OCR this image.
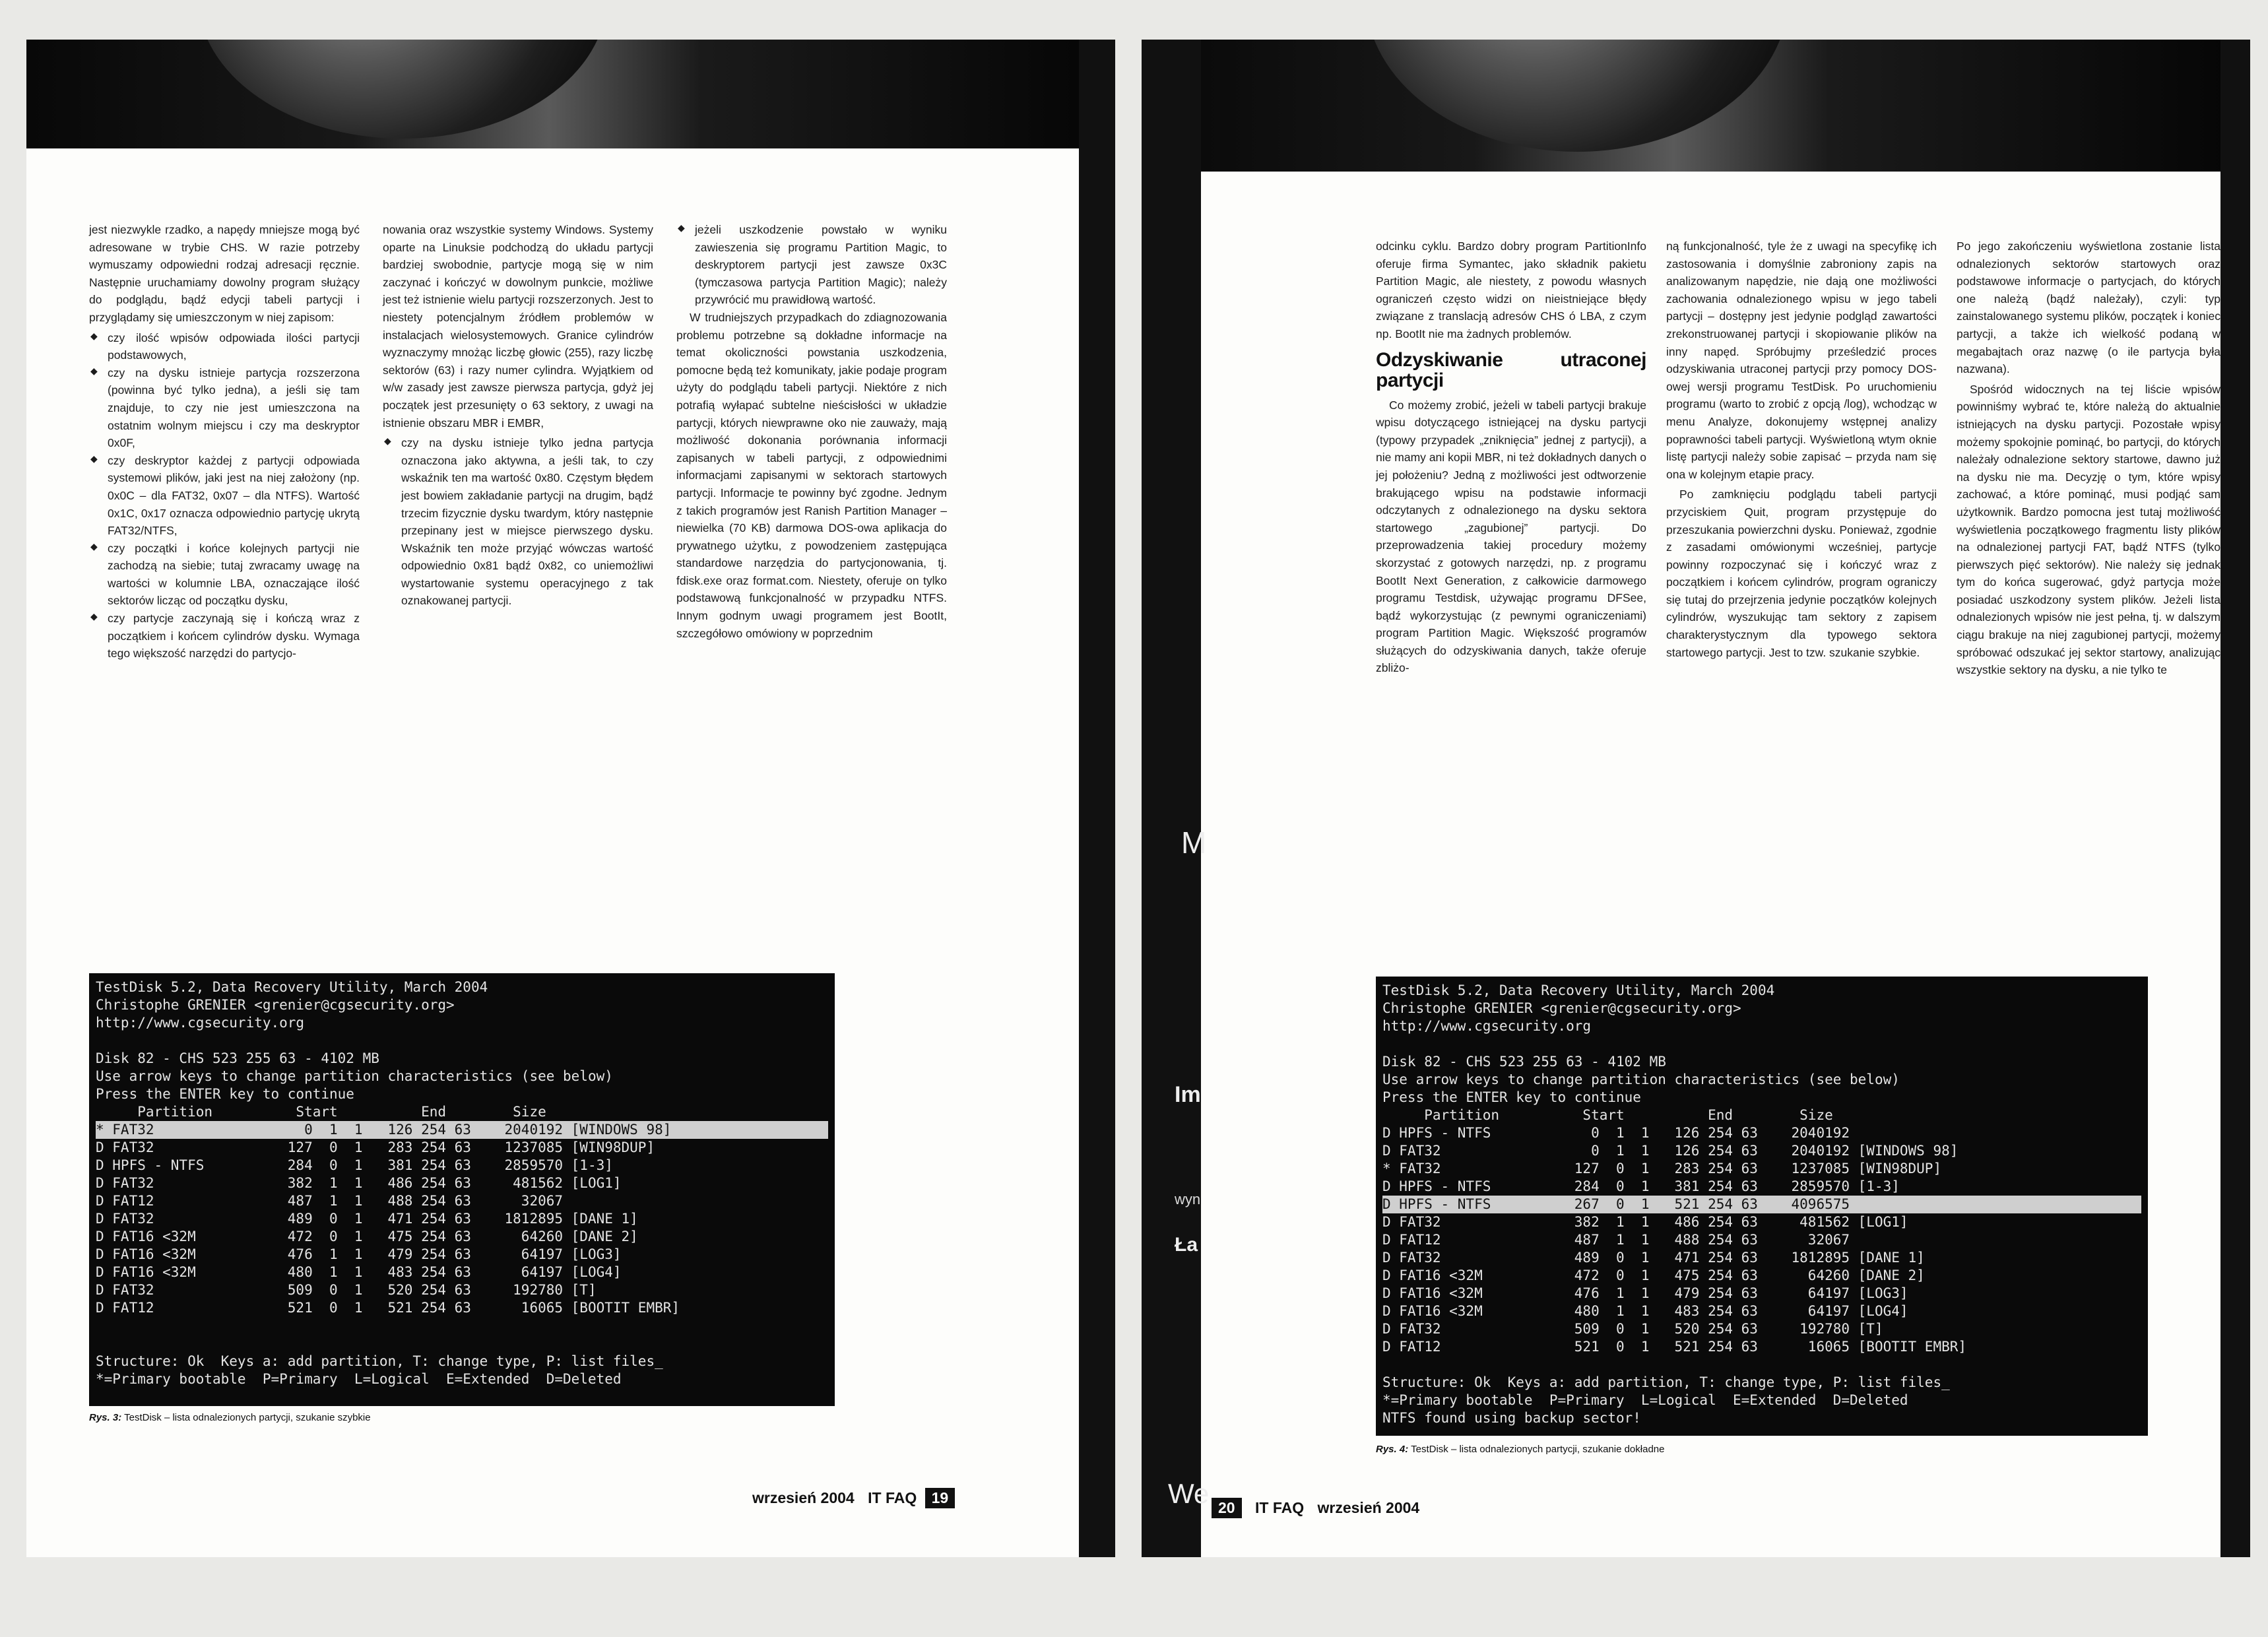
jest niezwykle rzadko, a napędy mniejsze mogą być adresowane w trybie CHS. W razie potrzeby wymuszamy odpowiedni rodzaj adresacji ręcznie. Następnie uruchamiamy dowolny program służący do podglądu, bądź edycji tabeli partycji i przyglądamy się umieszczonym w niej zapisom:

◆ czy ilość wpisów odpowiada ilości partycji podstawowych,
◆ czy na dysku istnieje partycja rozszerzona (powinna być tylko jedna), a jeśli się tam znajduje, to czy nie jest umieszczona na ostatnim wolnym miejscu i czy ma deskryptor 0x0F,
◆ czy deskryptor każdej z partycji odpowiada systemowi plików, jaki jest na niej założony (np. 0x0C – dla FAT32, 0x07 – dla NTFS). Wartość 0x1C, 0x17 oznacza odpowiednio partycję ukrytą FAT32/NTFS,
◆ czy początki i końce kolejnych partycji nie zachodzą na siebie; tutaj zwracamy uwagę na wartości w kolumnie LBA, oznaczające ilość sektorów licząc od początku dysku,
◆ czy partycje zaczynają się i kończą wraz z początkiem i końcem cylindrów dysku. Wymaga tego większość narzędzi do partycjo-

nowania oraz wszystkie systemy Windows. Systemy oparte na Linuksie podchodzą do układu partycji bardziej swobodnie, partycje mogą się w nim zaczynać i kończyć w dowolnym punkcie, możliwe jest też istnienie wielu partycji rozszerzonych. Jest to niestety potencjalnym źródłem problemów w instalacjach wielosystemowych. Granice cylindrów wyznaczymy mnożąc liczbę głowic (255), razy liczbę sektorów (63) i razy numer cylindra. Wyjątkiem od w/w zasady jest zawsze pierwsza partycja, gdyż jej początek jest przesunięty o 63 sektory, z uwagi na istnienie obszaru MBR i EMBR,

◆ czy na dysku istnieje tylko jedna partycja oznaczona jako aktywna, a jeśli tak, to czy wskaźnik ten ma wartość 0x80. Częstym błędem jest bowiem zakładanie partycji na drugim, bądź trzecim fizycznie dysku twardym, który następnie przepinany jest w miejsce pierwszego dysku. Wskaźnik ten może przyjąć wówczas wartość odpowiednio 0x81 bądź 0x82, co uniemożliwi wystartowanie systemu operacyjnego z tak oznakowanej partycji.
◆ jeżeli uszkodzenie powstało w wyniku zawieszenia się programu Partition Magic, to deskryptorem partycji jest zawsze 0x3C (tymczasowa partycja Partition Magic); należy przywrócić mu prawidłową wartość.

W trudniejszych przypadkach do zdiagnozowania problemu potrzebne są dokładne informacje na temat okoliczności powstania uszkodzenia, pomocne będą też komunikaty, jakie podaje program użyty do podglądu tabeli partycji. Niektóre z nich potrafią wyłapać subtelne nieścisłości w układzie partycji, których niewprawne oko nie zauważy, mają możliwość dokonania porównania informacji zapisanych w tabeli partycji, z odpowiednimi informacjami zapisanymi w sektorach startowych partycji. Informacje te powinny być zgodne. Jednym z takich programów jest Ranish Partition Manager – niewielka (70 KB) darmowa DOS-owa aplikacja do prywatnego użytku, z powodzeniem zastępująca standardowe narzędzia do partycjonowania, tj. fdisk.exe oraz format.com. Niestety, oferuje on tylko podstawową funkcjonalność w przypadku NTFS. Innym godnym uwagi programem jest BootIt, szczegółowo omówiony w poprzednim

TestDisk 5.2, Data Recovery Utility, March 2004
Christophe GRENIER <grenier@cgsecurity.org>
http://www.cgsecurity.org
Disk 82 - CHS 523 255 63 - 4102 MB
Use arrow keys to change partition characteristics (see below)
Press the ENTER key to continue
Partition          Start          End        Size
* FAT32                  0  1  1   126 254 63    2040192 [WINDOWS 98]
D FAT32                127  0  1   283 254 63    1237085 [WIN98DUP]
D HPFS - NTFS          284  0  1   381 254 63    2859570 [1-3]
D FAT32                382  1  1   486 254 63     481562 [LOG1]
D FAT12                487  1  1   488 254 63      32067
D FAT32                489  0  1   471 254 63    1812895 [DANE 1]
D FAT16 <32M           472  0  1   475 254 63      64260 [DANE 2]
D FAT16 <32M           476  1  1   479 254 63      64197 [LOG3]
D FAT16 <32M           480  1  1   483 254 63      64197 [LOG4]
D FAT32                509  0  1   520 254 63     192780 [T]
D FAT12                521  0  1   521 254 63      16065 [BOOTIT EMBR]
Structure: Ok  Keys a: add partition, T: change type, P: list files_
*=Primary bootable  P=Primary  L=Logical  E=Extended  D=Deleted
Rys. 3: TestDisk – lista odnalezionych partycji, szukanie szybkie
wrzesień 2004 IT FAQ 19
M
Im
wyn
Ła
We

odcinku cyklu. Bardzo dobry program PartitionInfo oferuje firma Symantec, jako składnik pakietu Partition Magic, ale niestety, z powodu własnych ograniczeń często widzi on nieistniejące błędy związane z translacją adresów CHS ó LBA, z czym np. BootIt nie ma żadnych problemów.

Odzyskiwanie utraconej partycji

Co możemy zrobić, jeżeli w tabeli partycji brakuje wpisu dotyczącego istniejącej na dysku partycji (typowy przypadek „zniknięcia” jednej z partycji), a nie mamy ani kopii MBR, ni też dokładnych danych o jej położeniu? Jedną z możliwości jest odtworzenie brakującego wpisu na podstawie informacji odczytanych z odnalezionego na dysku sektora startowego „zagubionej” partycji. Do przeprowadzenia takiej procedury możemy skorzystać z gotowych narzędzi, np. z programu BootIt Next Generation, z całkowicie darmowego programu Testdisk, używając programu DFSee, bądź wykorzystując (z pewnymi ograniczeniami) program Partition Magic. Większość programów służących do odzyskiwania danych, także oferuje zbliżo-

ną funkcjonalność, tyle że z uwagi na specyfikę ich zastosowania i domyślnie zabroniony zapis na analizowanym napędzie, nie dają one możliwości zachowania odnalezionego wpisu w jego tabeli partycji – dostępny jest jedynie podgląd zawartości zrekonstruowanej partycji i skopiowanie plików na inny napęd. Spróbujmy prześledzić proces odzyskiwania utraconej partycji przy pomocy DOS-owej wersji programu TestDisk. Po uruchomieniu programu (warto to zrobić z opcją /log), wchodząc w menu Analyze, dokonujemy wstępnej analizy poprawności tabeli partycji. Wyświetloną wtym oknie listę partycji należy sobie zapisać – przyda nam się ona w kolejnym etapie pracy.

Po zamknięciu podglądu tabeli partycji przyciskiem Quit, program przystępuje do przeszukania powierzchni dysku. Ponieważ, zgodnie z zasadami omówionymi wcześniej, partycje powinny rozpoczynać się i kończyć wraz z początkiem i końcem cylindrów, program ograniczy się tutaj do przejrzenia jedynie początków kolejnych cylindrów, wyszukując tam sektory z zapisem charakterystycznym dla typowego sektora startowego partycji. Jest to tzw. szukanie szybkie.

Po jego zakończeniu wyświetlona zostanie lista odnalezionych sektorów startowych oraz podstawowe informacje o partycjach, do których one należą (bądź należały), czyli: typ zainstalowanego systemu plików, początek i koniec partycji, a także ich wielkość podaną w megabajtach oraz nazwę (o ile partycja była nazwana).

Spośród widocznych na tej liście wpisów powinniśmy wybrać te, które należą do aktualnie istniejących na dysku partycji. Pozostałe wpisy możemy spokojnie pominąć, bo partycji, do których należały odnalezione sektory startowe, dawno już na dysku nie ma. Decyzję o tym, które wpisy zachować, a które pominąć, musi podjąć sam użytkownik. Bardzo pomocna jest tutaj możliwość wyświetlenia początkowego fragmentu listy plików na odnalezionej partycji FAT, bądź NTFS (tylko pierwszych pięć sektorów). Nie należy się jednak tym do końca sugerować, gdyż partycja może posiadać uszkodzony system plików. Jeżeli lista odnalezionych wpisów nie jest pełna, tj. w dalszym ciągu brakuje na niej zagubionej partycji, możemy spróbować odszukać jej sektor startowy, analizując wszystkie sektory na dysku, a nie tylko te

TestDisk 5.2, Data Recovery Utility, March 2004
Christophe GRENIER <grenier@cgsecurity.org>
http://www.cgsecurity.org
Disk 82 - CHS 523 255 63 - 4102 MB
Use arrow keys to change partition characteristics (see below)
Press the ENTER key to continue
Partition          Start          End        Size
D HPFS - NTFS            0  1  1   126 254 63    2040192
D FAT32                  0  1  1   126 254 63    2040192 [WINDOWS 98]
* FAT32                127  0  1   283 254 63    1237085 [WIN98DUP]
D HPFS - NTFS          284  0  1   381 254 63    2859570 [1-3]
D HPFS - NTFS          267  0  1   521 254 63    4096575
D FAT32                382  1  1   486 254 63     481562 [LOG1]
D FAT12                487  1  1   488 254 63      32067
D FAT32                489  0  1   471 254 63    1812895 [DANE 1]
D FAT16 <32M           472  0  1   475 254 63      64260 [DANE 2]
D FAT16 <32M           476  1  1   479 254 63      64197 [LOG3]
D FAT16 <32M           480  1  1   483 254 63      64197 [LOG4]
D FAT32                509  0  1   520 254 63     192780 [T]
D FAT12                521  0  1   521 254 63      16065 [BOOTIT EMBR]
Structure: Ok  Keys a: add partition, T: change type, P: list files_
*=Primary bootable  P=Primary  L=Logical  E=Extended  D=Deleted
NTFS found using backup sector!
Rys. 4: TestDisk – lista odnalezionych partycji, szukanie dokładne
20 IT FAQ wrzesień 2004
